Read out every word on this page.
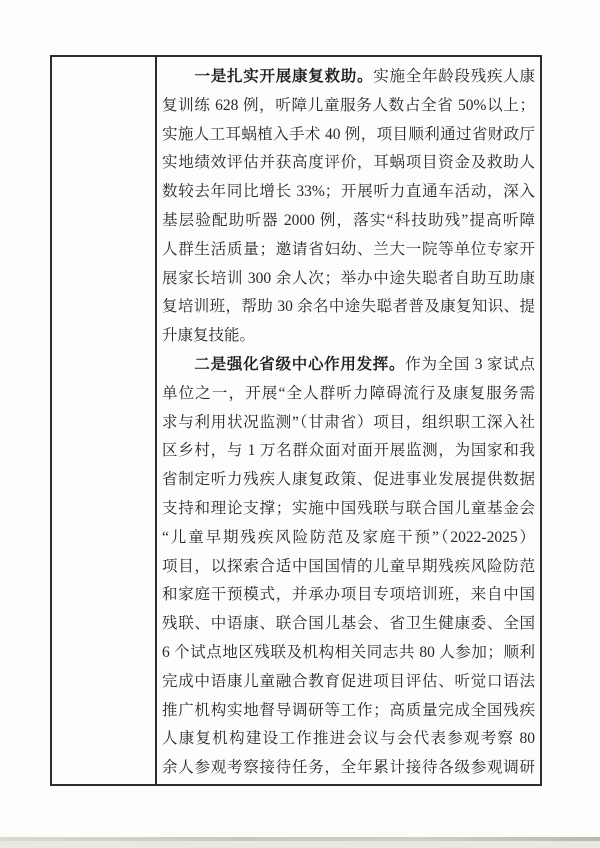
　　一是扎实开展康复救助。实施全年龄段残疾人康
复训练 628 例，听障儿童服务人数占全省 50%以上；
实施人工耳蜗植入手术 40 例，项目顺利通过省财政厅
实地绩效评估并获高度评价，耳蜗项目资金及救助人
数较去年同比增长 33%；开展听力直通车活动，深入
基层验配助听器 2000 例，落实“科技助残”提高听障
人群生活质量；邀请省妇幼、兰大一院等单位专家开
展家长培训 300 余人次；举办中途失聪者自助互助康
复培训班，帮助 30 余名中途失聪者普及康复知识、提
升康复技能。
　　二是强化省级中心作用发挥。作为全国 3 家试点
单位之一，开展“全人群听力障碍流行及康复服务需
求与利用状况监测”（甘肃省）项目，组织职工深入社
区乡村，与 1 万名群众面对面开展监测，为国家和我
省制定听力残疾人康复政策、促进事业发展提供数据
支持和理论支撑；实施中国残联与联合国儿童基金会
“儿童早期残疾风险防范及家庭干预”（2022-2025）
项目，以探索合适中国国情的儿童早期残疾风险防范
和家庭干预模式，并承办项目专项培训班，来自中国
残联、中语康、联合国儿基会、省卫生健康委、全国
6 个试点地区残联及机构相关同志共 80 人参加；顺利
完成中语康儿童融合教育促进项目评估、听觉口语法
推广机构实地督导调研等工作；高质量完成全国残疾
人康复机构建设工作推进会议与会代表参观考察 80
余人参观考察接待任务，全年累计接待各级参观调研
